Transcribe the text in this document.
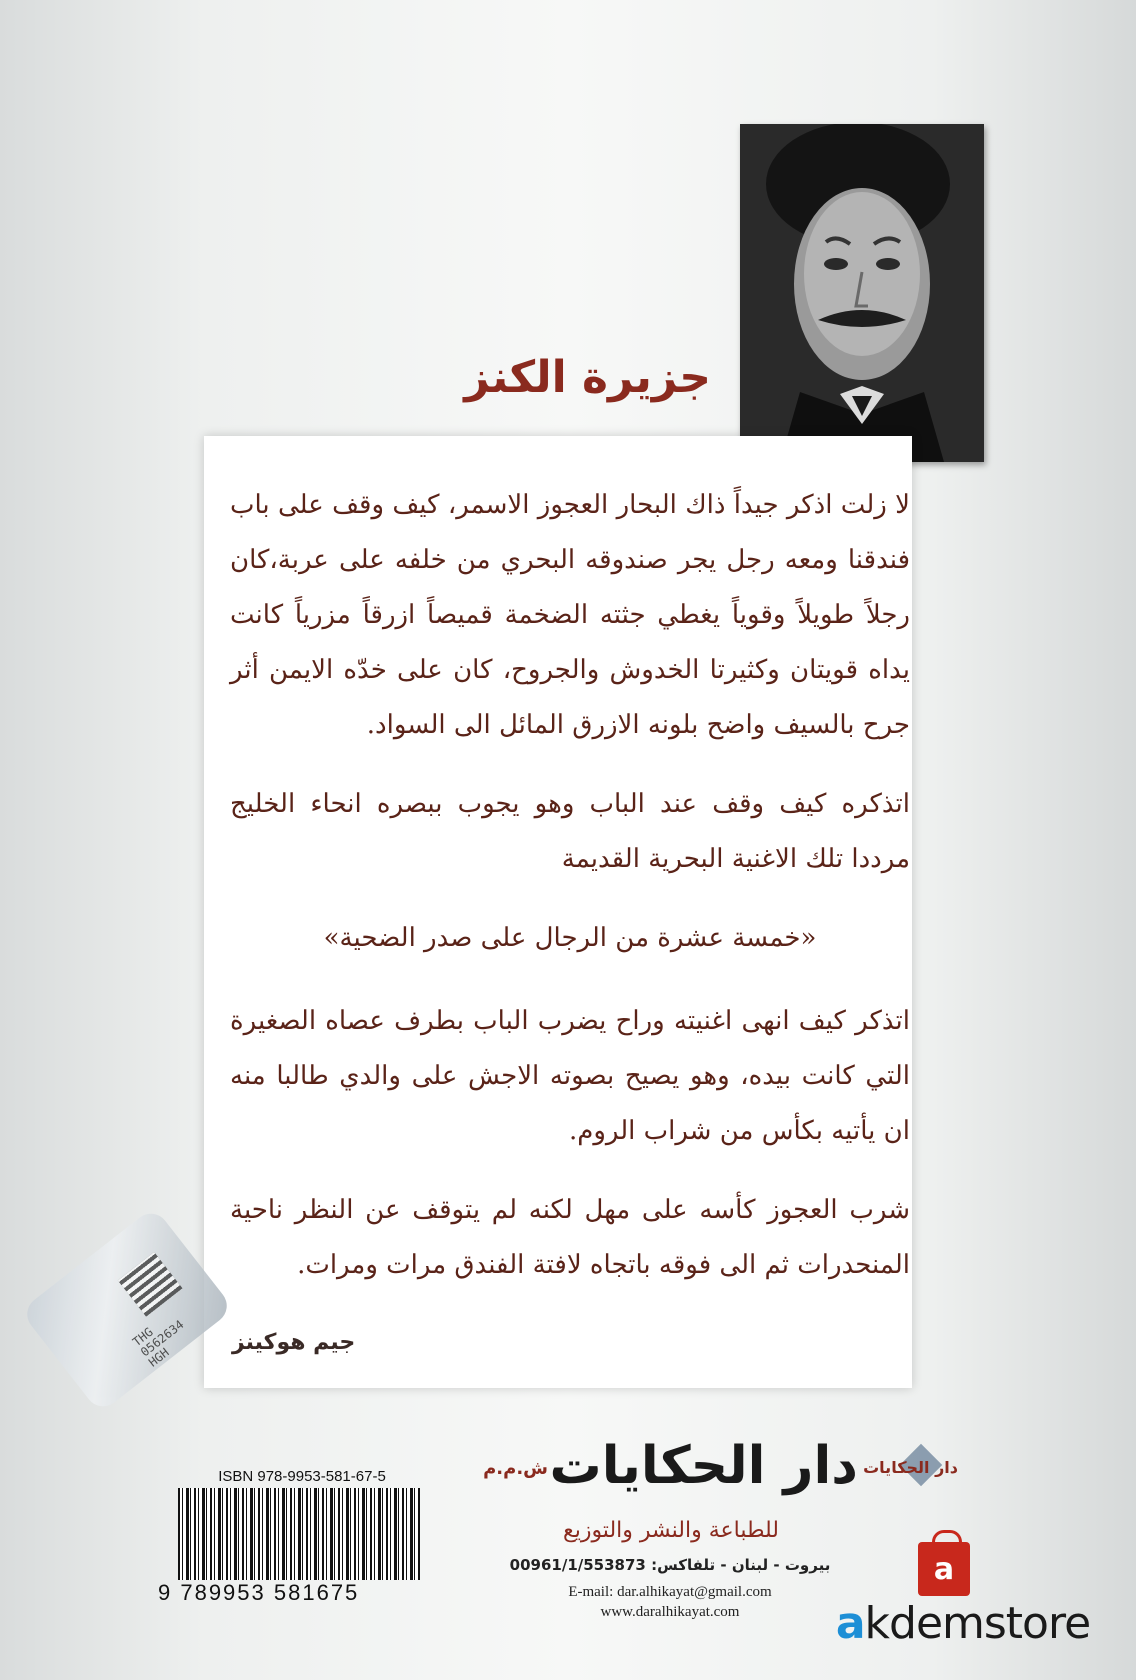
جزيرة الكنز

لا زلت اذكر جيداً ذاك البحار العجوز الاسمر، كيف وقف على باب فندقنا ومعه رجل يجر صندوقه البحري من خلفه على عربة،كان رجلاً طويلاً وقوياً يغطي جثته الضخمة قميصاً ازرقاً مزرياً كانت يداه قويتان وكثيرتا الخدوش والجروح، كان على خدّه الايمن أثر جرح بالسيف واضح بلونه الازرق المائل الى السواد.

اتذكره كيف وقف عند الباب وهو يجوب ببصره انحاء الخليج مرددا تلك الاغنية البحرية القديمة

«خمسة عشرة من الرجال على صدر الضحية»

اتذكر كيف انهى اغنيته وراح يضرب الباب بطرف عصاه الصغيرة التي كانت بيده، وهو يصيح بصوته الاجش على والدي طالبا منه ان يأتيه بكأس من شراب الروم.

شرب العجوز كأسه على مهل لكنه لم يتوقف عن النظر ناحية المنحدرات ثم الى فوقه باتجاه لافتة الفندق مرات ومرات.

جيم هوكينز
THG
0562634
HGH
ISBN 978-9953-581-67-5
9 789953 581675
دار الحكايات
دار الحكايات
ش.م.م
للطباعة والنشر والتوزيع
بيروت - لبنان - تلفاكس: 00961/1/553873
E-mail: dar.alhikayat@gmail.com
www.daralhikayat.com
a
akdemstore
